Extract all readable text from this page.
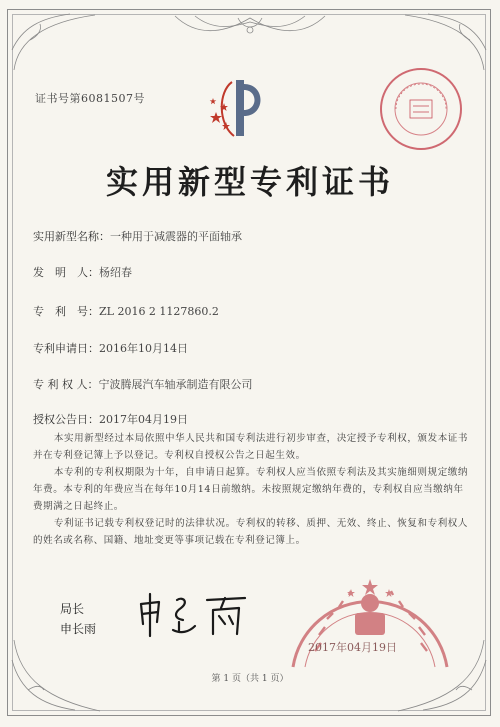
证书号第6081507号
实用新型专利证书
实用新型名称：一种用于减震器的平面轴承
发　明　人：杨绍春
专　利　号：ZL 2016 2 1127860.2
专利申请日：2016年10月14日
专 利 权 人：宁波腾展汽车轴承制造有限公司
授权公告日：2017年04月19日

本实用新型经过本局依照中华人民共和国专利法进行初步审查，决定授予专利权，颁发本证书并在专利登记簿上予以登记。专利权自授权公告之日起生效。

本专利的专利权期限为十年，自申请日起算。专利权人应当依照专利法及其实施细则规定缴纳年费。本专利的年费应当在每年10月14日前缴纳。未按照规定缴纳年费的，专利权自应当缴纳年费期满之日起终止。

专利证书记载专利权登记时的法律状况。专利权的转移、质押、无效、终止、恢复和专利权人的姓名或名称、国籍、地址变更等事项记载在专利登记簿上。

局长
申长雨
2017年04月19日
第 1 页（共 1 页）
